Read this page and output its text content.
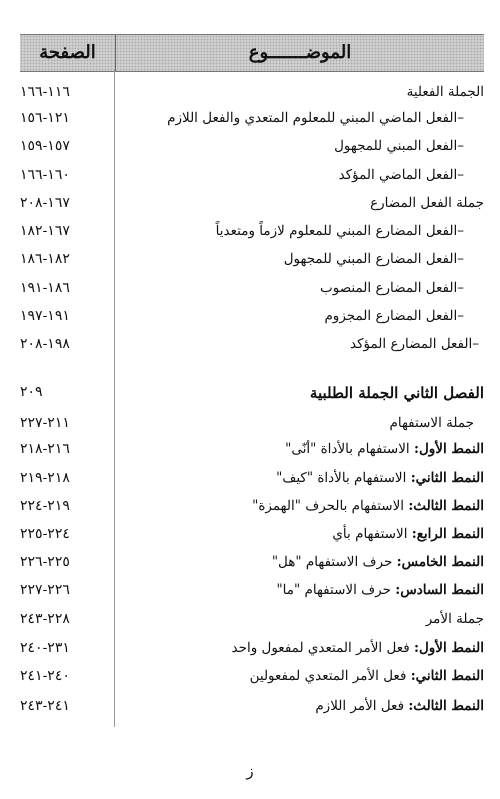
الصفحة	الموضـــــــوع
١١٦-١٦٦	الجملة الفعلية
١٢١-١٥٦	–الفعل الماضي المبني للمعلوم المتعدي والفعل اللازم
١٥٧-١٥٩	–الفعل المبني للمجهول
١٦٠-١٦٦	–الفعل الماضي المؤكد
١٦٧-٢٠٨	جملة الفعل المضارع
١٦٧-١٨٢	–الفعل المضارع المبني للمعلوم لازماً ومتعدياً
١٨٢-١٨٦	–الفعل المضارع المبني للمجهول
١٨٦-١٩١	–الفعل المضارع المنصوب
١٩١-١٩٧	–الفعل المضارع المجزوم
١٩٨-٢٠٨	–الفعل المضارع المؤكد
٢٠٩	الفصل الثاني الجملة الطلبية
٢١١-٢٢٧	جملة الاستفهام
٢١٦-٢١٨	النمط الأول: الاستفهام بالأداة "أنّى"
٢١٨-٢١٩	النمط الثاني: الاستفهام بالأداة "كيف"
٢١٩-٢٢٤	النمط الثالث: الاستفهام بالحرف "الهمزة"
٢٢٤-٢٢٥	النمط الرابع: الاستفهام بأي
٢٢٥-٢٢٦	النمط الخامس: حرف الاستفهام "هل"
٢٢٦-٢٢٧	النمط السادس: حرف الاستفهام "ما"
٢٢٨-٢٤٣	جملة الأمر
٢٣١-٢٤٠	النمط الأول: فعل الأمر المتعدي لمفعول واحد
٢٤٠-٢٤١	النمط الثاني: فعل الأمر المتعدي لمفعولين
٢٤١-٢٤٣	النمط الثالث: فعل الأمر اللازم
ز
